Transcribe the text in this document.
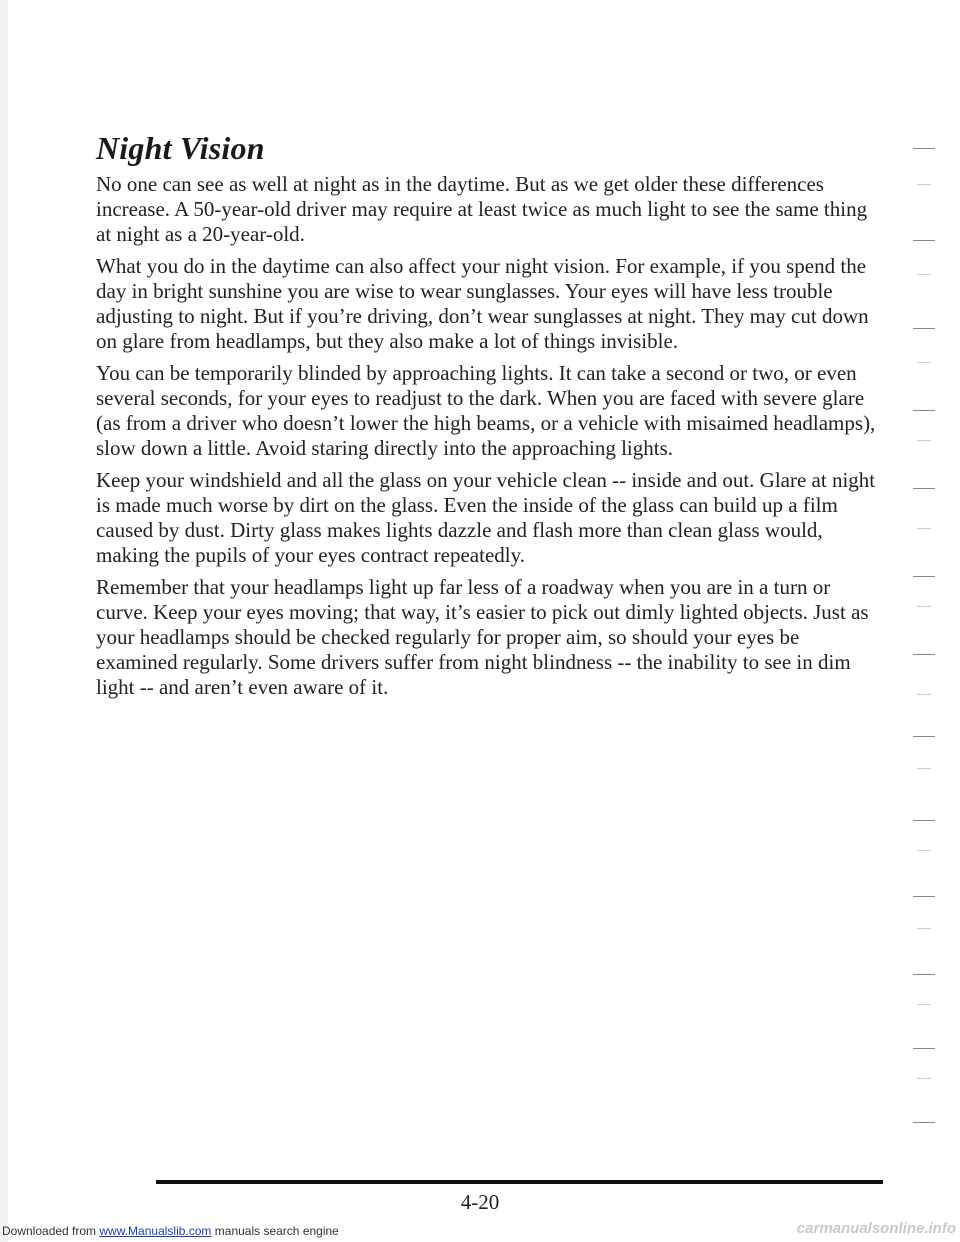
Night Vision

No one can see as well at night as in the daytime. But as we get older these differences increase. A 50-year-old driver may require at least twice as much light to see the same thing at night as a 20-year-old.

What you do in the daytime can also affect your night vision. For example, if you spend the day in bright sunshine you are wise to wear sunglasses. Your eyes will have less trouble adjusting to night. But if you’re driving, don’t wear sunglasses at night. They may cut down on glare from headlamps, but they also make a lot of things invisible.

You can be temporarily blinded by approaching lights. It can take a second or two, or even several seconds, for your eyes to readjust to the dark. When you are faced with severe glare (as from a driver who doesn’t lower the high beams, or a vehicle with misaimed headlamps), slow down a little. Avoid staring directly into the approaching lights.

Keep your windshield and all the glass on your vehicle clean -- inside and out. Glare at night is made much worse by dirt on the glass. Even the inside of the glass can build up a film caused by dust. Dirty glass makes lights dazzle and flash more than clean glass would, making the pupils of your eyes contract repeatedly.

Remember that your headlamps light up far less of a roadway when you are in a turn or curve. Keep your eyes moving; that way, it’s easier to pick out dimly lighted objects. Just as your headlamps should be checked regularly for proper aim, so should your eyes be examined regularly. Some drivers suffer from night blindness -- the inability to see in dim light -- and aren’t even aware of it.

4-20
Downloaded from www.Manualslib.com manuals search engine	carmanualsonline.info
